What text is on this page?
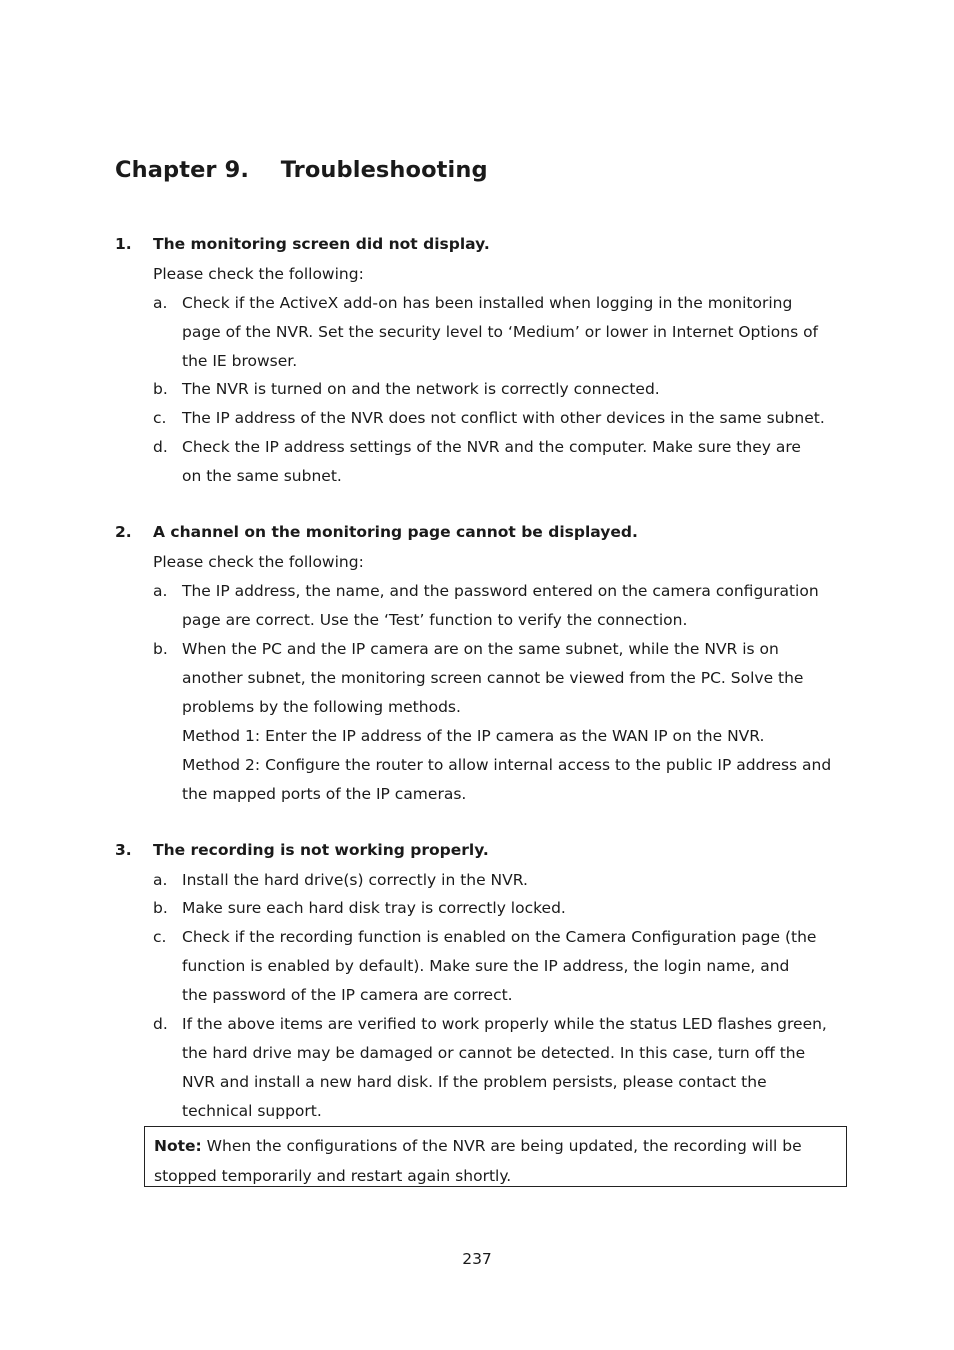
Chapter 9.    Troubleshooting
1. The monitoring screen did not display.
Please check the following:
a. Check if the ActiveX add-on has been installed when logging in the monitoring
page of the NVR. Set the security level to ‘Medium’ or lower in Internet Options of
the IE browser.
b. The NVR is turned on and the network is correctly connected.
c. The IP address of the NVR does not conflict with other devices in the same subnet.
d. Check the IP address settings of the NVR and the computer. Make sure they are
on the same subnet.
2. A channel on the monitoring page cannot be displayed.
Please check the following:
a. The IP address, the name, and the password entered on the camera configuration
page are correct. Use the ‘Test’ function to verify the connection.
b. When the PC and the IP camera are on the same subnet, while the NVR is on
another subnet, the monitoring screen cannot be viewed from the PC. Solve the
problems by the following methods.
Method 1: Enter the IP address of the IP camera as the WAN IP on the NVR.
Method 2: Configure the router to allow internal access to the public IP address and
the mapped ports of the IP cameras.
3. The recording is not working properly.
a. Install the hard drive(s) correctly in the NVR.
b. Make sure each hard disk tray is correctly locked.
c. Check if the recording function is enabled on the Camera Configuration page (the
function is enabled by default). Make sure the IP address, the login name, and
the password of the IP camera are correct.
d. If the above items are verified to work properly while the status LED flashes green,
the hard drive may be damaged or cannot be detected. In this case, turn off the
NVR and install a new hard disk. If the problem persists, please contact the
technical support.
Note: When the configurations of the NVR are being updated, the recording will be stopped temporarily and restart again shortly.
237
